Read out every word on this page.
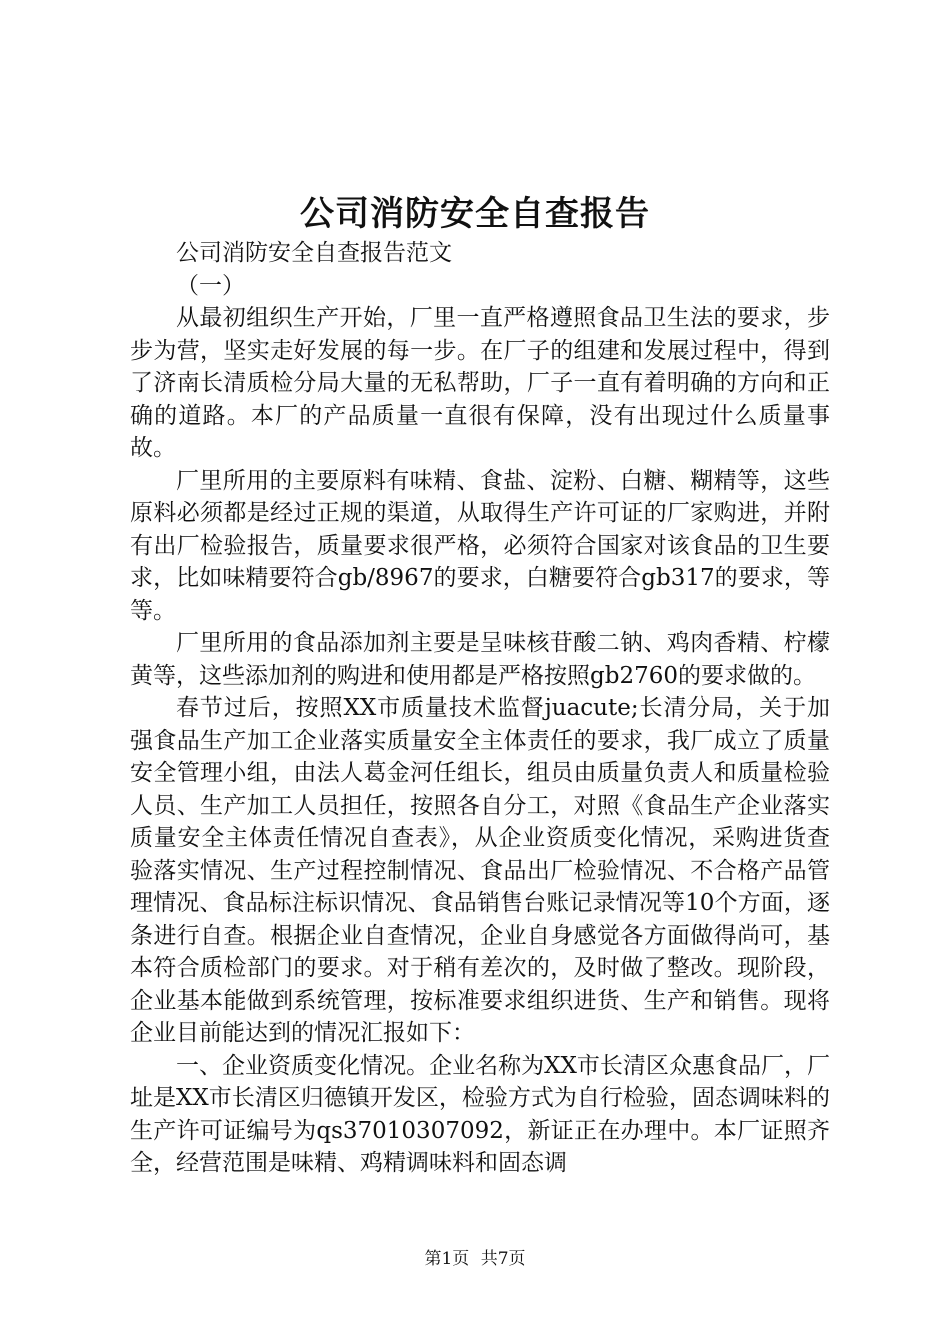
公司消防安全自查报告

公司消防安全自查报告范文

（一）

从最初组织生产开始，厂里一直严格遵照食品卫生法的要求，步步为营，坚实走好发展的每一步。在厂子的组建和发展过程中，得到了济南长清质检分局大量的无私帮助，厂子一直有着明确的方向和正确的道路。本厂的产品质量一直很有保障，没有出现过什么质量事故。

厂里所用的主要原料有味精、食盐、淀粉、白糖、糊精等，这些原料必须都是经过正规的渠道，从取得生产许可证的厂家购进，并附有出厂检验报告，质量要求很严格，必须符合国家对该食品的卫生要求，比如味精要符合gb/8967的要求，白糖要符合gb317的要求，等等。

厂里所用的食品添加剂主要是呈味核苷酸二钠、鸡肉香精、柠檬黄等，这些添加剂的购进和使用都是严格按照gb2760的要求做的。

春节过后，按照XX市质量技术监督juacute;长清分局，关于加强食品生产加工企业落实质量安全主体责任的要求，我厂成立了质量安全管理小组，由法人葛金河任组长，组员由质量负责人和质量检验人员、生产加工人员担任，按照各自分工，对照《食品生产企业落实质量安全主体责任情况自查表》，从企业资质变化情况，采购进货查验落实情况、生产过程控制情况、食品出厂检验情况、不合格产品管理情况、食品标注标识情况、食品销售台账记录情况等10个方面，逐条进行自查。根据企业自查情况，企业自身感觉各方面做得尚可，基本符合质检部门的要求。对于稍有差次的，及时做了整改。现阶段，企业基本能做到系统管理，按标准要求组织进货、生产和销售。现将企业目前能达到的情况汇报如下：

一、企业资质变化情况。企业名称为XX市长清区众惠食品厂，厂址是XX市长清区归德镇开发区，检验方式为自行检验，固态调味料的生产许可证编号为qs37010307092，新证正在办理中。本厂证照齐全，经营范围是味精、鸡精调味料和固态调

第1页 共7页
